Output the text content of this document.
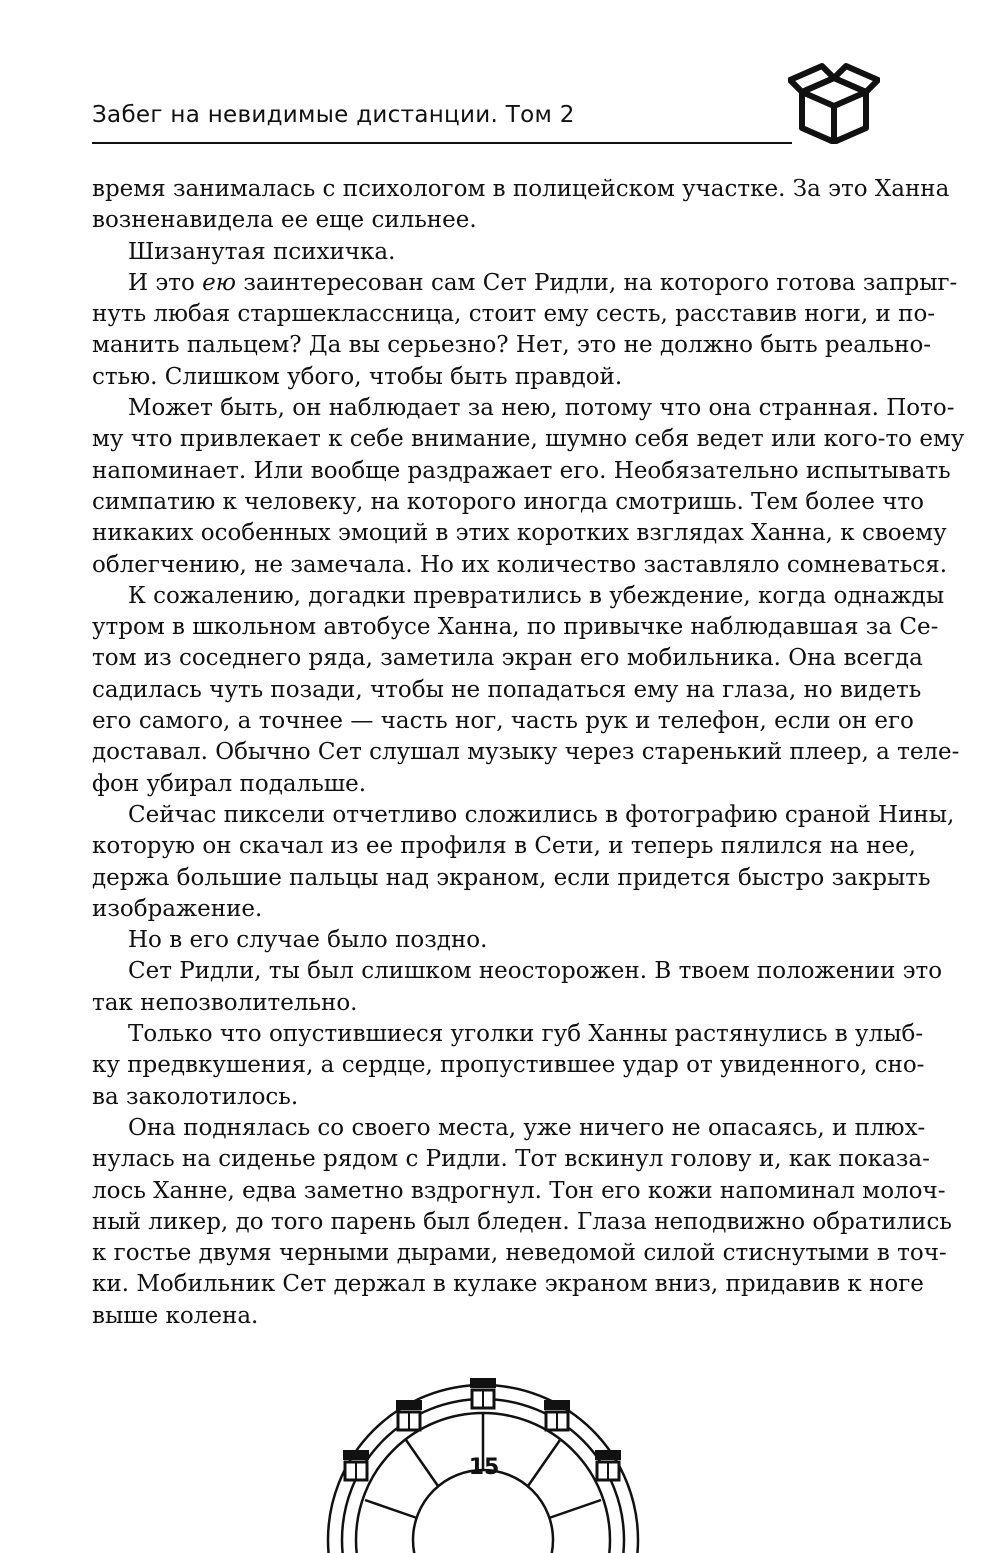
Забег на невидимые дистанции. Том 2
время занималась с психологом в полицейском участке. За это Ханна
возненавидела ее еще сильнее.
Шизанутая психичка.
И это ею заинтересован сам Сет Ридли, на которого готова запрыг-
нуть любая старшеклассница, стоит ему сесть, расставив ноги, и по-
манить пальцем? Да вы серьезно? Нет, это не должно быть реально-
стью. Слишком убого, чтобы быть правдой.
Может быть, он наблюдает за нею, потому что она странная. Пото-
му что привлекает к себе внимание, шумно себя ведет или кого-то ему
напоминает. Или вообще раздражает его. Необязательно испытывать
симпатию к человеку, на которого иногда смотришь. Тем более что
никаких особенных эмоций в этих коротких взглядах Ханна, к своему
облегчению, не замечала. Но их количество заставляло сомневаться.
К сожалению, догадки превратились в убеждение, когда однажды
утром в школьном автобусе Ханна, по привычке наблюдавшая за Се-
том из соседнего ряда, заметила экран его мобильника. Она всегда
садилась чуть позади, чтобы не попадаться ему на глаза, но видеть
его самого, а точнее — часть ног, часть рук и телефон, если он его
доставал. Обычно Сет слушал музыку через старенький плеер, а теле-
фон убирал подальше.
Сейчас пиксели отчетливо сложились в фотографию сраной Нины,
которую он скачал из ее профиля в Сети, и теперь пялился на нее,
держа большие пальцы над экраном, если придется быстро закрыть
изображение.
Но в его случае было поздно.
Сет Ридли, ты был слишком неосторожен. В твоем положении это
так непозволительно.
Только что опустившиеся уголки губ Ханны растянулись в улыб-
ку предвкушения, а сердце, пропустившее удар от увиденного, сно-
ва заколотилось.
Она поднялась со своего места, уже ничего не опасаясь, и плюх-
нулась на сиденье рядом с Ридли. Тот вскинул голову и, как показа-
лось Ханне, едва заметно вздрогнул. Тон его кожи напоминал молоч-
ный ликер, до того парень был бледен. Глаза неподвижно обратились
к гостье двумя черными дырами, неведомой силой стиснутыми в точ-
ки. Мобильник Сет держал в кулаке экраном вниз, придавив к ноге
выше колена.
15
